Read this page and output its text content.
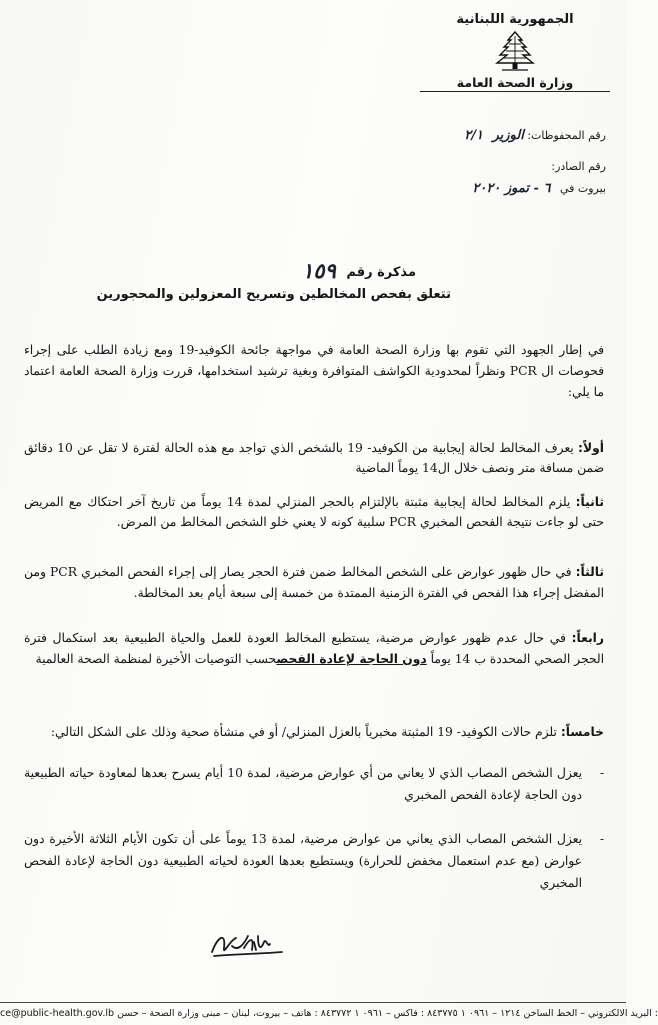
الجمهورية اللبنانية
وزارة الصحة العامة
رقم المحفوظات: الوزير ٢/١
رقم الصادر:
بيروت في ٦ - تموز ٢٠٢٠
مذكرة رقم ١٥٩
تتعلق بفحص المخالطين وتسريح المعزولين والمحجورين
في إطار الجهود التي تقوم بها وزارة الصحة العامة في مواجهة جائحة الكوفيد-19 ومع زيادة الطلب على إجراء فحوصات ال PCR ونظراً لمحدودية الكواشف المتوافرة وبغية ترشيد استخدامها، قررت وزارة الصحة العامة اعتماد ما يلي:
أولاً: يعرف المخالط لحالة إيجابية من الكوفيد- 19 بالشخص الذي تواجد مع هذه الحالة لفترة لا تقل عن 10 دقائق ضمن مسافة متر ونصف خلال ال14 يوماً الماضية
ثانياً: يلزم المخالط لحالة إيجابية مثبتة بالإلتزام بالحجر المنزلي لمدة 14 يوماً من تاريخ آخر احتكاك مع المريض حتى لو جاءت نتيجة الفحص المخبري PCR سلبية كونه لا يعني خلو الشخص المخالط من المرض.
ثالثاً: في حال ظهور عوارض على الشخص المخالط ضمن فترة الحجر يصار إلى إجراء الفحص المخبري PCR ومن المفضل إجراء هذا الفحص في الفترة الزمنية الممتدة من خمسة إلى سبعة أيام بعد المخالطة.
رابعاً: في حال عدم ظهور عوارض مرضية، يستطيع المخالط العودة للعمل والحياة الطبيعية بعد استكمال فترة الحجر الصحي المحددة ب 14 يوماً دون الحاجة لإعادة الفحصحسب التوصيات الأخيرة لمنظمة الصحة العالمية
خامساً: تلزم حالات الكوفيد- 19 المثبتة مخبرياً بالعزل المنزلي/ أو في منشأة صحية وذلك على الشكل التالي:
-
يعزل الشخص المصاب الذي لا يعاني من أي عوارض مرضية، لمدة 10 أيام يسرح بعدها لمعاودة حياته الطبيعية دون الحاجة لإعادة الفحص المخبري
-
يعزل الشخص المصاب الذي يعاني من عوارض مرضية، لمدة 13 يوماً على أن تكون الأيام الثلاثة الأخيرة دون عوارض (مع عدم استعمال مخفض للحرارة) ويستطيع بعدها العودة لحياته الطبيعية دون الحاجة لإعادة الفحص المخبري
ce@public-health.gov.lb : البريد الالكتروني – الخط الساخن ١٢١٤ – ٠٩٦١ ١ ٨٤٣٧٧٥ : فاكس – ٠٩٦١ ١ ٨٤٣٧٧٢ : هاتف – بيروت، لبنان – مبنى وزارة الصحة – حسن
